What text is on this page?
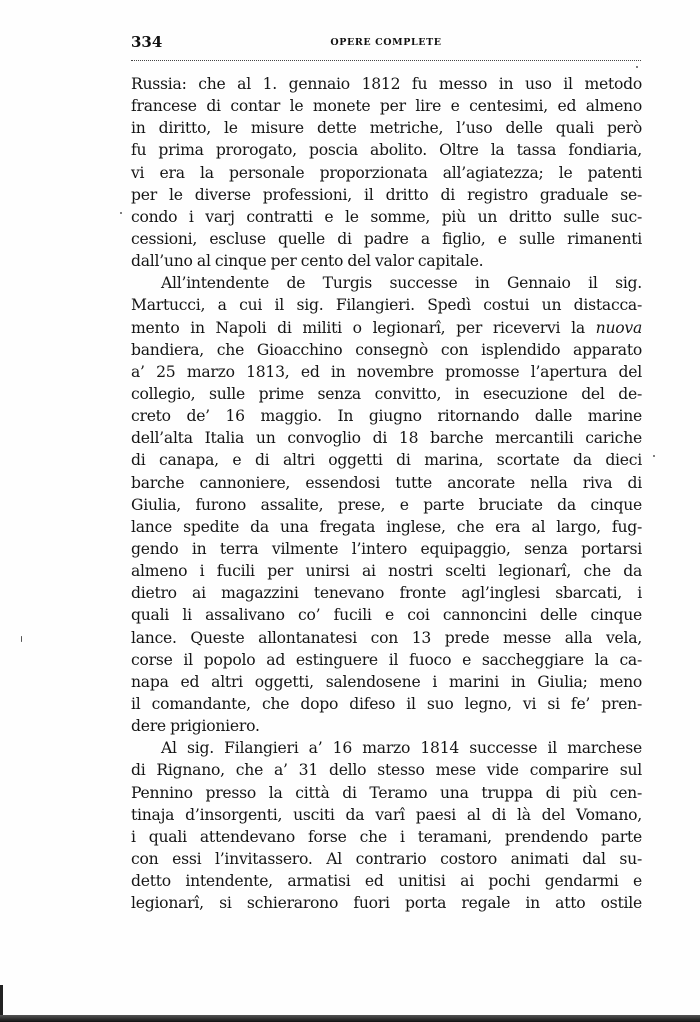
334	OPERE COMPLETE
Russia: che al 1. gennaio 1812 fu messo in uso il metodo
francese di contar le monete per lire e centesimi, ed almeno
in diritto, le misure dette metriche, l’uso delle quali però
fu prima prorogato, poscia abolito. Oltre la tassa fondiaria,
vi era la personale proporzionata all’agiatezza; le patenti
per le diverse professioni, il dritto di registro graduale se-
condo i varj contratti e le somme, più un dritto sulle suc-
cessioni, escluse quelle di padre a figlio, e sulle rimanenti
dall’uno al cinque per cento del valor capitale.
All’intendente de Turgis successe in Gennaio il sig.
Martucci, a cui il sig. Filangieri. Spedì costui un distacca-
mento in Napoli di militi o legionarî, per ricevervi la nuova
bandiera, che Gioacchino consegnò con isplendido apparato
a’ 25 marzo 1813, ed in novembre promosse l’apertura del
collegio, sulle prime senza convitto, in esecuzione del de-
creto de’ 16 maggio. In giugno ritornando dalle marine
dell’alta Italia un convoglio di 18 barche mercantili cariche
di canapa, e di altri oggetti di marina, scortate da dieci
barche cannoniere, essendosi tutte ancorate nella riva di
Giulia, furono assalite, prese, e parte bruciate da cinque
lance spedite da una fregata inglese, che era al largo, fug-
gendo in terra vilmente l’intero equipaggio, senza portarsi
almeno i fucili per unirsi ai nostri scelti legionarî, che da
dietro ai magazzini tenevano fronte agl’inglesi sbarcati, i
quali li assalivano co’ fucili e coi cannoncini delle cinque
lance. Queste allontanatesi con 13 prede messe alla vela,
corse il popolo ad estinguere il fuoco e saccheggiare la ca-
napa ed altri oggetti, salendosene i marini in Giulia; meno
il comandante, che dopo difeso il suo legno, vi si fe’ pren-
dere prigioniero.
Al sig. Filangieri a’ 16 marzo 1814 successe il marchese
di Rignano, che a’ 31 dello stesso mese vide comparire sul
Pennino presso la città di Teramo una truppa di più cen-
tinaja d’insorgenti, usciti da varî paesi al di là del Vomano,
i quali attendevano forse che i teramani, prendendo parte
con essi l’invitassero. Al contrario costoro animati dal su-
detto intendente, armatisi ed unitisi ai pochi gendarmi e
legionarî, si schierarono fuori porta regale in atto ostile
